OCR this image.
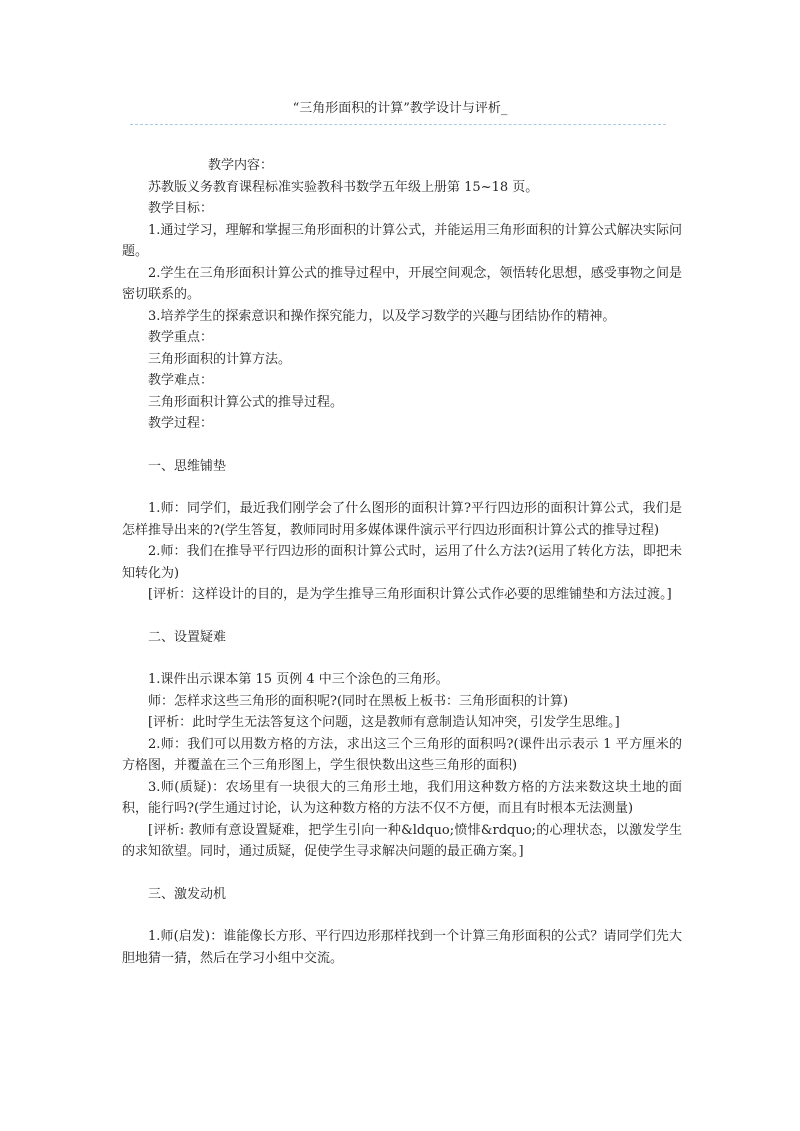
“三角形面积的计算”教学设计与评析_

教学内容：

苏教版义务教育课程标准实验教科书数学五年级上册第 15~18 页。

教学目标：

1.通过学习，理解和掌握三角形面积的计算公式，并能运用三角形面积的计算公式解决实际问题。

2.学生在三角形面积计算公式的推导过程中，开展空间观念，领悟转化思想，感受事物之间是密切联系的。

3.培养学生的探索意识和操作探究能力，以及学习数学的兴趣与团结协作的精神。

教学重点：

三角形面积的计算方法。

教学难点：

三角形面积计算公式的推导过程。

教学过程：

一、思维铺垫

1.师：同学们，最近我们刚学会了什么图形的面积计算?平行四边形的面积计算公式，我们是怎样推导出来的?(学生答复，教师同时用多媒体课件演示平行四边形面积计算公式的推导过程)

2.师：我们在推导平行四边形的面积计算公式时，运用了什么方法?(运用了转化方法，即把未知转化为)

[评析：这样设计的目的，是为学生推导三角形面积计算公式作必要的思维铺垫和方法过渡。]

二、设置疑难

1.课件出示课本第 15 页例 4 中三个涂色的三角形。

师：怎样求这些三角形的面积呢?(同时在黑板上板书：三角形面积的计算)

[评析：此时学生无法答复这个问题，这是教师有意制造认知冲突，引发学生思维。]

2.师：我们可以用数方格的方法，求出这三个三角形的面积吗?(课件出示表示 1 平方厘米的方格图，并覆盖在三个三角形图上，学生很快数出这些三角形的面积)

3.师(质疑)：农场里有一块很大的三角形土地，我们用这种数方格的方法来数这块土地的面积，能行吗?(学生通过讨论，认为这种数方格的方法不仅不方便，而且有时根本无法测量)

[评析: 教师有意设置疑难，把学生引向一种&ldquo;愤悱&rdquo;的心理状态，以激发学生的求知欲望。同时，通过质疑，促使学生寻求解决问题的最正确方案。]

三、激发动机

1.师(启发)：谁能像长方形、平行四边形那样找到一个计算三角形面积的公式？请同学们先大胆地猜一猜，然后在学习小组中交流。
